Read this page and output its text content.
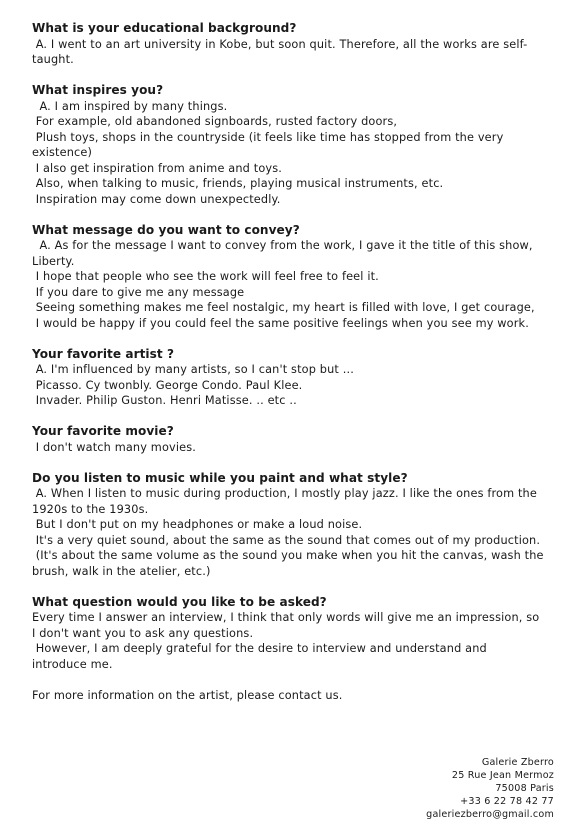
What is your educational background?
A. I went to an art university in Kobe, but soon quit. Therefore, all the works are self-taught.
What inspires you?
A. I am inspired by many things.
For example, old abandoned signboards, rusted factory doors,
Plush toys, shops in the countryside (it feels like time has stopped from the very existence)
I also get inspiration from anime and toys.
Also, when talking to music, friends, playing musical instruments, etc.
Inspiration may come down unexpectedly.
What message do you want to convey?
A. As for the message I want to convey from the work, I gave it the title of this show, Liberty.
I hope that people who see the work will feel free to feel it.
If you dare to give me any message
Seeing something makes me feel nostalgic, my heart is filled with love, I get courage,
I would be happy if you could feel the same positive feelings when you see my work.
Your favorite artist ?
A. I'm influenced by many artists, so I can't stop but ...
Picasso. Cy twonbly. George Condo. Paul Klee.
Invader. Philip Guston. Henri Matisse. .. etc ..
Your favorite movie?
I don't watch many movies.
Do you listen to music while you paint and what style?
A. When I listen to music during production, I mostly play jazz. I like the ones from the 1920s to the 1930s.
But I don't put on my headphones or make a loud noise.
It's a very quiet sound, about the same as the sound that comes out of my production.
(It's about the same volume as the sound you make when you hit the canvas, wash the brush, walk in the atelier, etc.)
What question would you like to be asked?
Every time I answer an interview, I think that only words will give me an impression, so I don't want you to ask any questions.
However, I am deeply grateful for the desire to interview and understand and introduce me.
For more information on the artist, please contact us.
Galerie Zberro
25 Rue Jean Mermoz
75008 Paris
+33 6 22 78 42 77
galeriezberro@gmail.com
